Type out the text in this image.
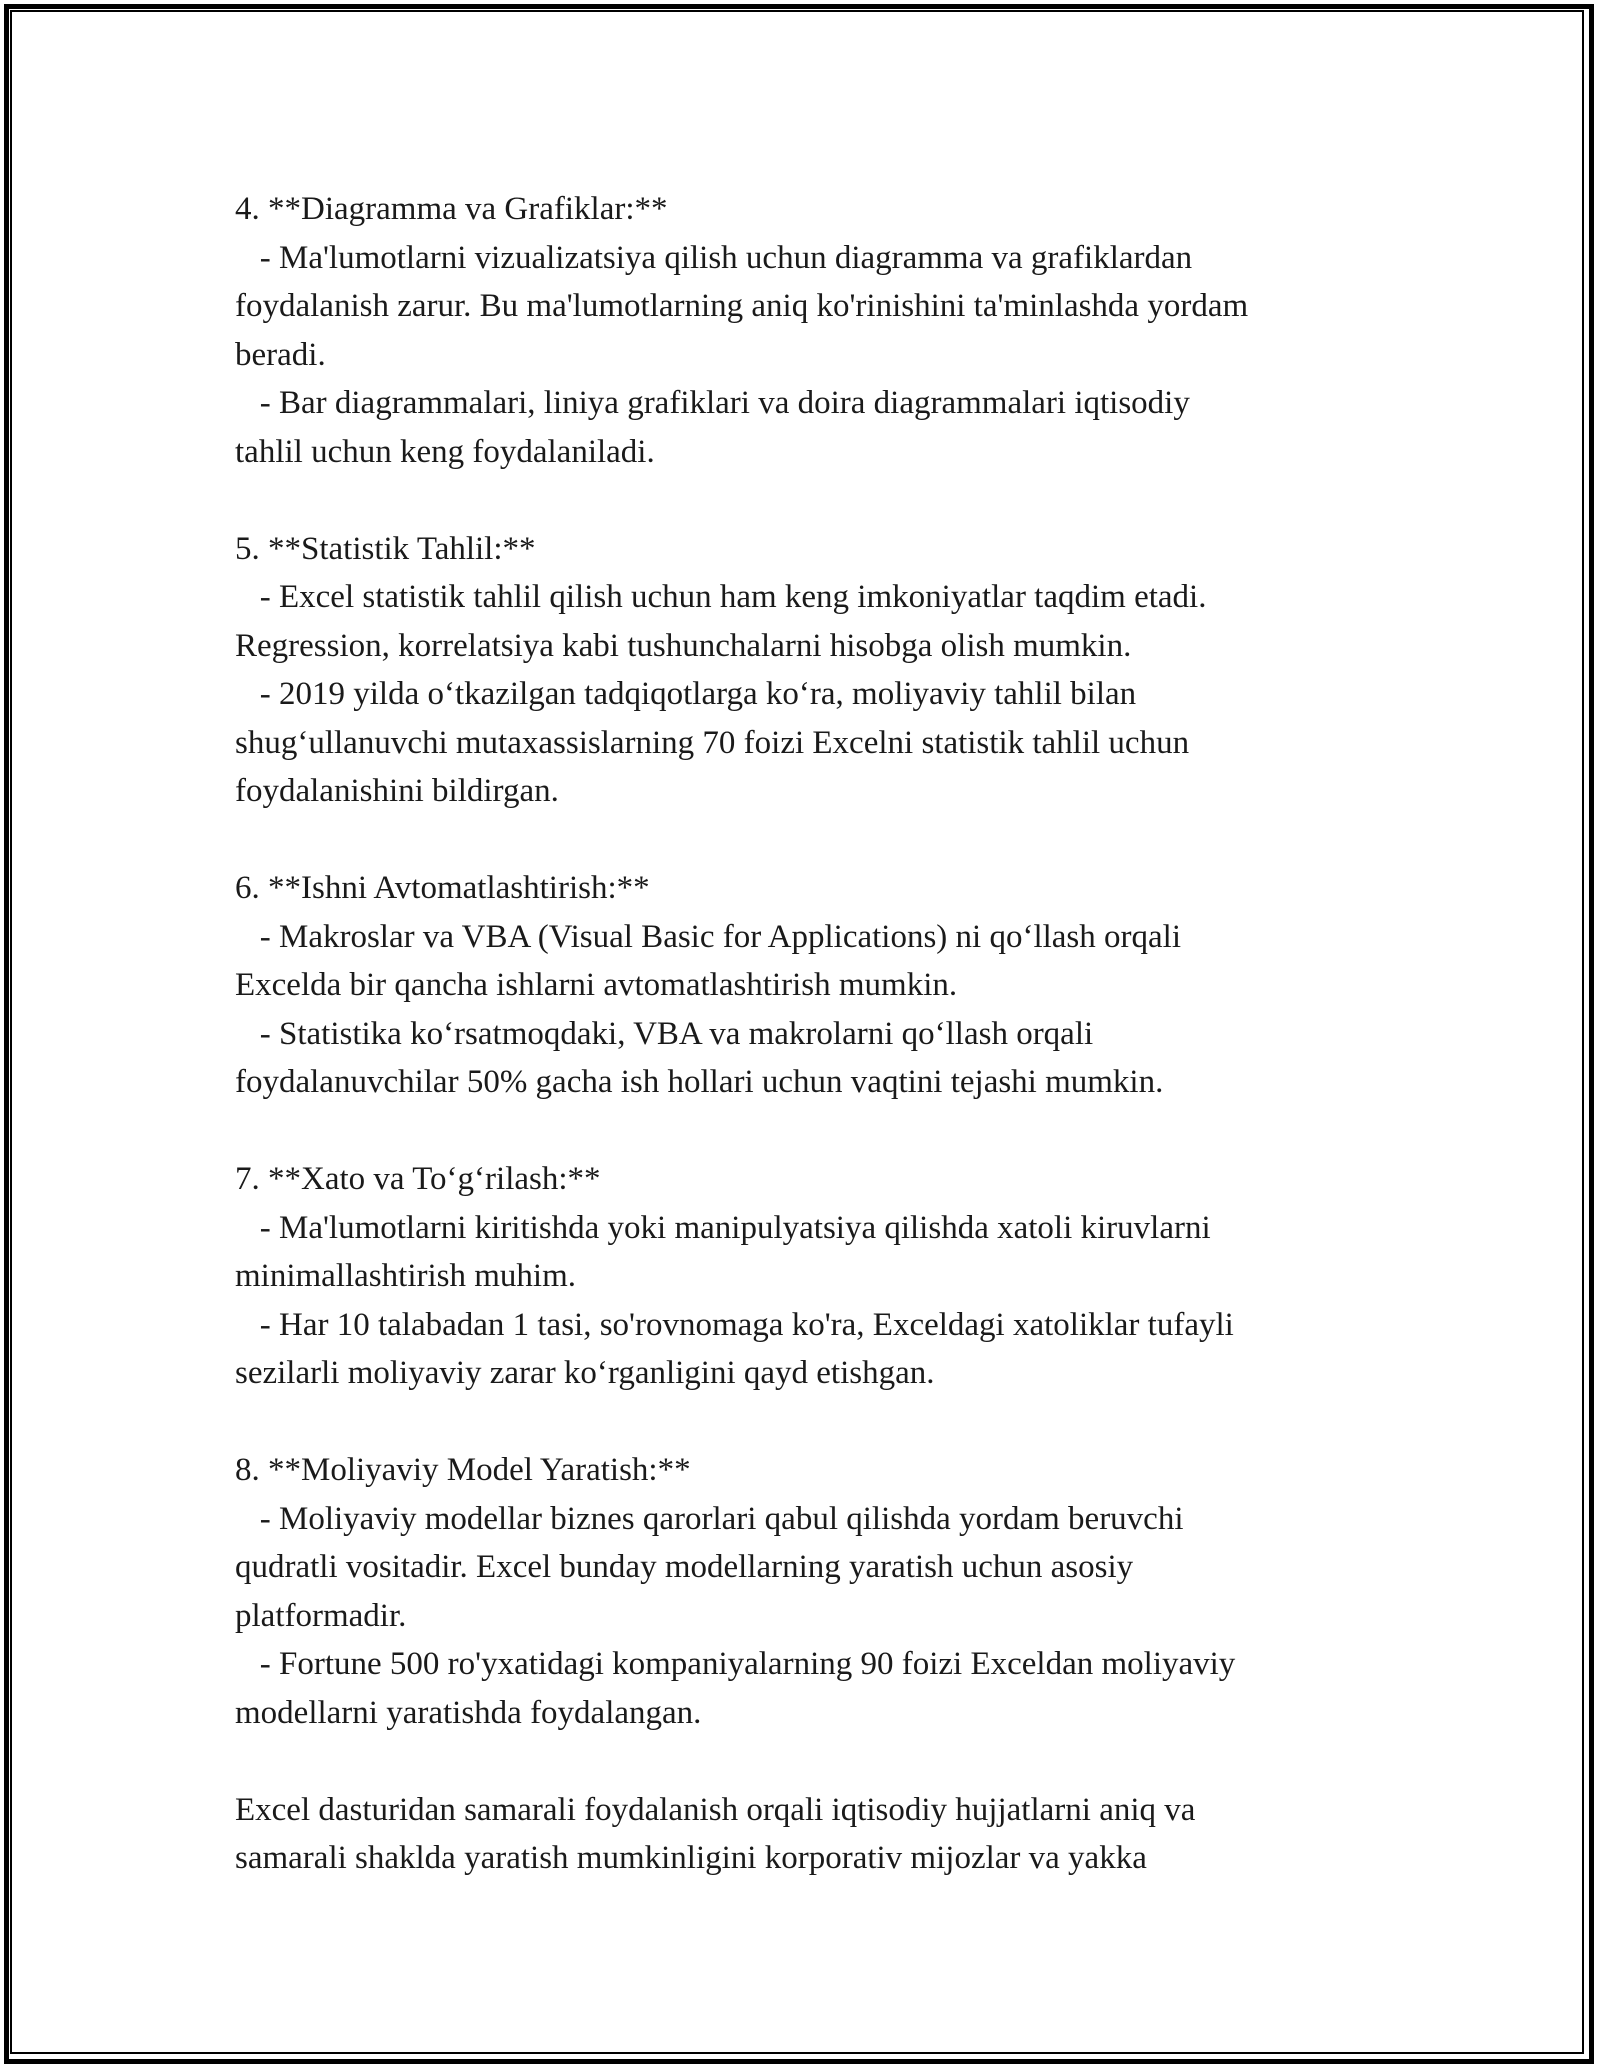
4. **Diagramma va Grafiklar:**
- Ma'lumotlarni vizualizatsiya qilish uchun diagramma va grafiklardan
foydalanish zarur. Bu ma'lumotlarning aniq ko'rinishini ta'minlashda yordam
beradi.
- Bar diagrammalari, liniya grafiklari va doira diagrammalari iqtisodiy
tahlil uchun keng foydalaniladi.
5. **Statistik Tahlil:**
- Excel statistik tahlil qilish uchun ham keng imkoniyatlar taqdim etadi.
Regression, korrelatsiya kabi tushunchalarni hisobga olish mumkin.
- 2019 yilda o‘tkazilgan tadqiqotlarga ko‘ra, moliyaviy tahlil bilan
shug‘ullanuvchi mutaxassislarning 70 foizi Excelni statistik tahlil uchun
foydalanishini bildirgan.
6. **Ishni Avtomatlashtirish:**
- Makroslar va VBA (Visual Basic for Applications) ni qo‘llash orqali
Excelda bir qancha ishlarni avtomatlashtirish mumkin.
- Statistika ko‘rsatmoqdaki, VBA va makrolarni qo‘llash orqali
foydalanuvchilar 50% gacha ish hollari uchun vaqtini tejashi mumkin.
7. **Xato va To‘g‘rilash:**
- Ma'lumotlarni kiritishda yoki manipulyatsiya qilishda xatoli kiruvlarni
minimallashtirish muhim.
- Har 10 talabadan 1 tasi, so'rovnomaga ko'ra, Exceldagi xatoliklar tufayli
sezilarli moliyaviy zarar ko‘rganligini qayd etishgan.
8. **Moliyaviy Model Yaratish:**
- Moliyaviy modellar biznes qarorlari qabul qilishda yordam beruvchi
qudratli vositadir. Excel bunday modellarning yaratish uchun asosiy
platformadir.
- Fortune 500 ro'yxatidagi kompaniyalarning 90 foizi Exceldan moliyaviy
modellarni yaratishda foydalangan.
Excel dasturidan samarali foydalanish orqali iqtisodiy hujjatlarni aniq va
samarali shaklda yaratish mumkinligini korporativ mijozlar va yakka
